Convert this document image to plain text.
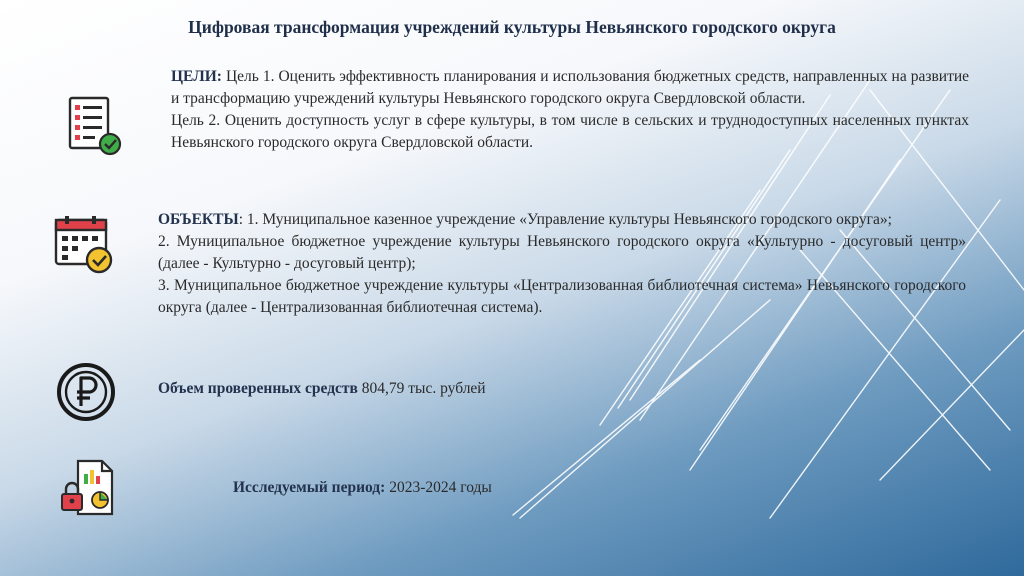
Цифровая трансформация учреждений культуры Невьянского городского округа

ЦЕЛИ: Цель 1. Оценить эффективность планирования и использования бюджетных средств, направленных на развитие и трансформацию учреждений культуры Невьянского городского округа Свердловской области.

Цель 2. Оценить доступность услуг в сфере культуры, в том числе в сельских и труднодоступных населенных пунктах Невьянского городского округа Свердловской области.

ОБЪЕКТЫ: 1. Муниципальное казенное учреждение «Управление культуры Невьянского городского округа»;

2. Муниципальное бюджетное учреждение культуры Невьянского городского округа «Культурно - досуговый центр» (далее - Культурно - досуговый центр);

3. Муниципальное бюджетное учреждение культуры «Централизованная библиотечная система» Невьянского городского округа (далее - Централизованная библиотечная система).

Объем проверенных средств 804,79 тыс. рублей
Исследуемый период: 2023-2024 годы
